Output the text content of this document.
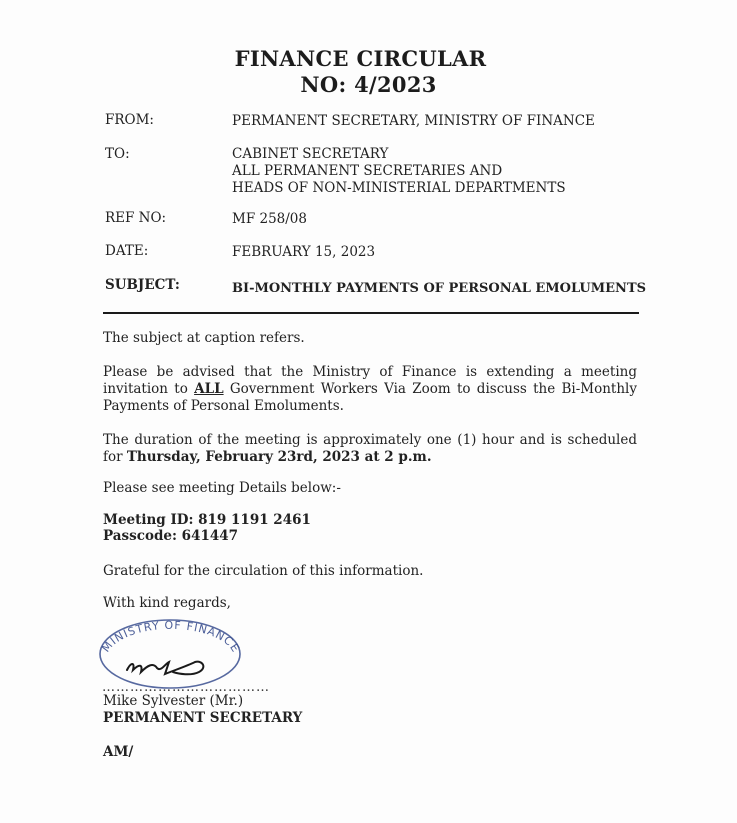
FINANCE CIRCULAR
NO: 4/2023
FROM:	PERMANENT SECRETARY, MINISTRY OF FINANCE
TO:	CABINET SECRETARY
ALL PERMANENT SECRETARIES AND
HEADS OF NON-MINISTERIAL DEPARTMENTS
REF NO:	MF 258/08
DATE:	FEBRUARY 15, 2023
SUBJECT:	BI-MONTHLY PAYMENTS OF PERSONAL EMOLUMENTS
The subject at caption refers.
Please be advised that the Ministry of Finance is extending a meeting invitation to ALL Government Workers Via Zoom to discuss the Bi-Monthly Payments of Personal Emoluments.
The duration of the meeting is approximately one (1) hour and is scheduled for Thursday, February 23rd, 2023 at 2 p.m.
Please see meeting Details below:-
Meeting ID: 819 1191 2461
Passcode: 641447
Grateful for the circulation of this information.
With kind regards,
MINISTRY OF FINANCE
………………………………
Mike Sylvester (Mr.)
PERMANENT SECRETARY
AM/
